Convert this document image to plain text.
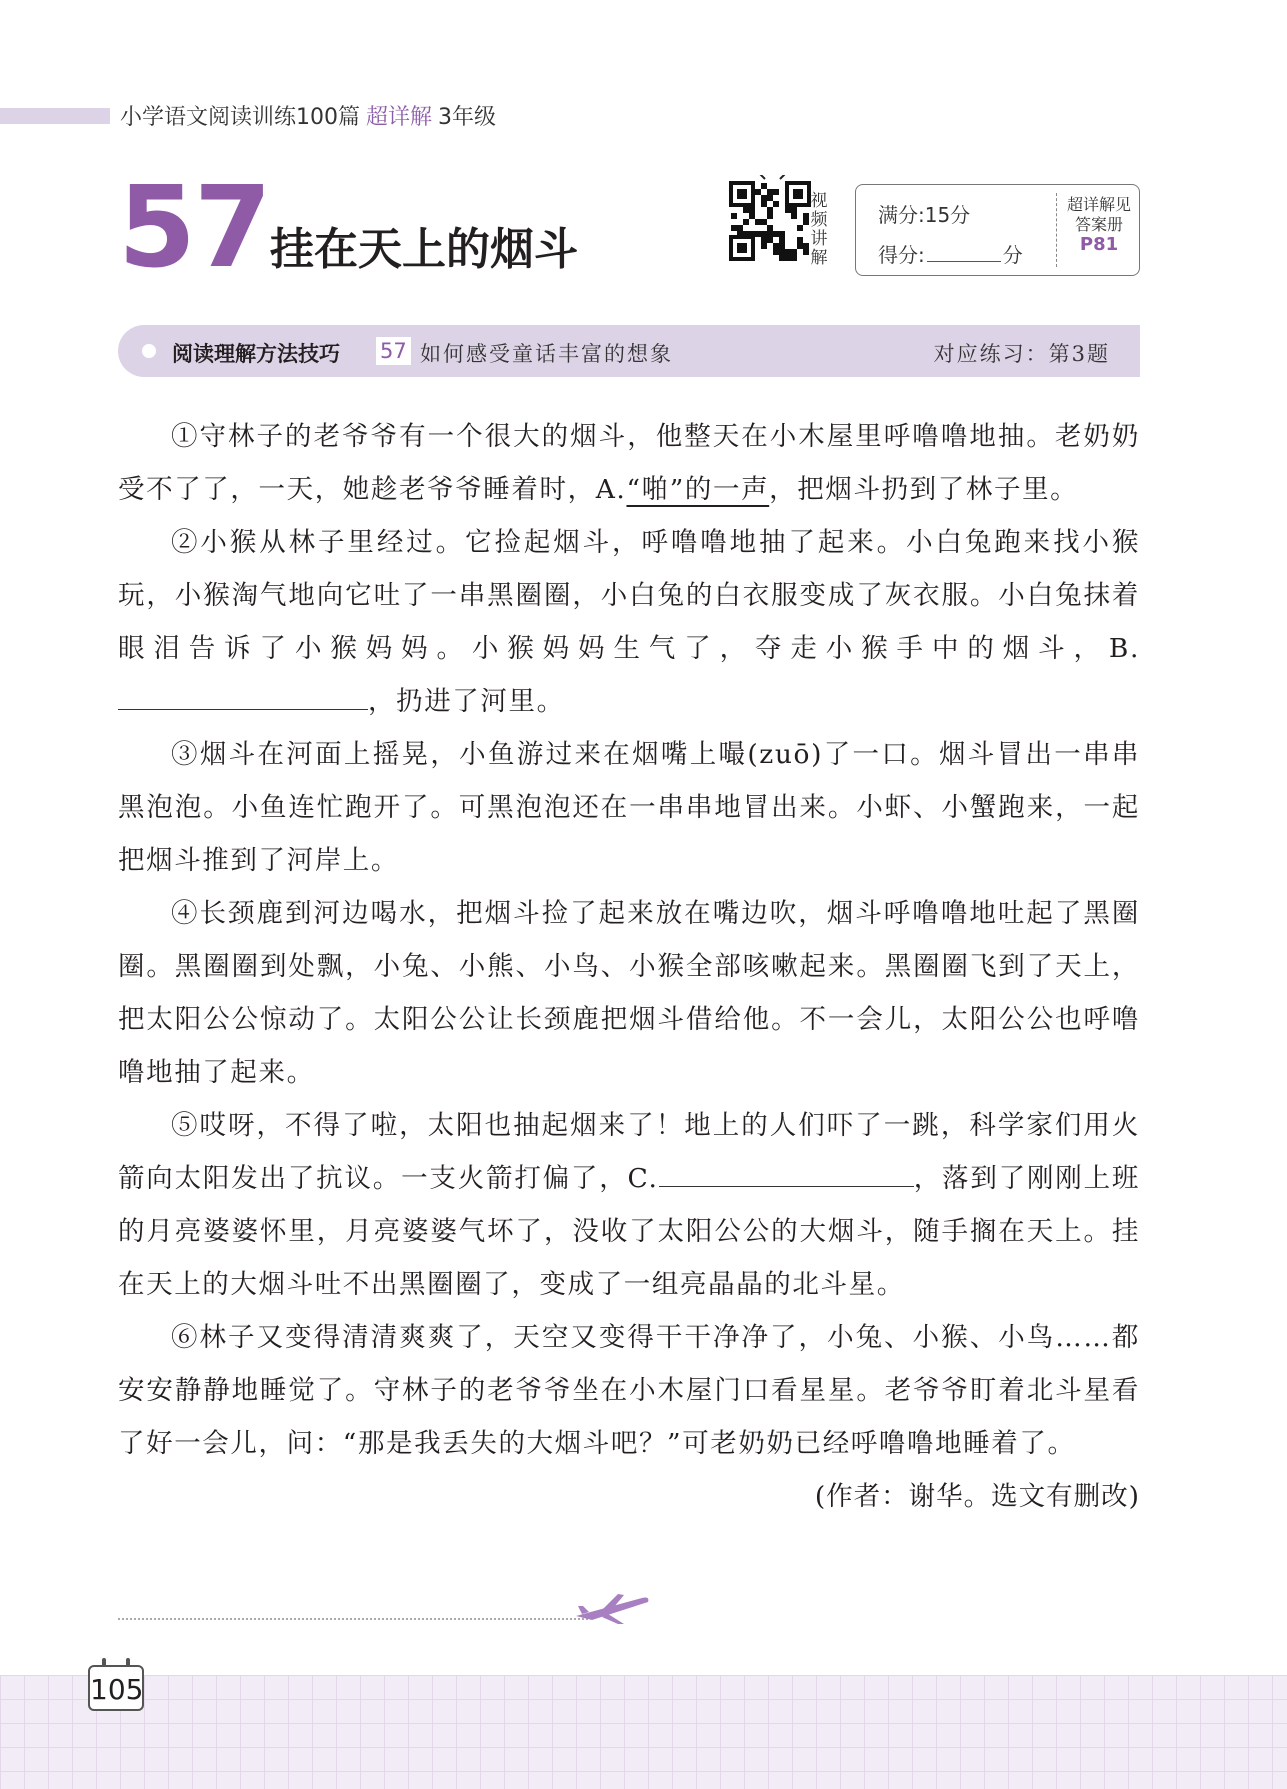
小学语文阅读训练100篇 超详解 3年级
57 挂在天上的烟斗
视
频
讲
解
满分:15分
得分:	分
超详解见
答案册
P81
阅读理解方法技巧 57 如何感受童话丰富的想象	对应练习：第3题

①守林子的老爷爷有一个很大的烟斗，他整天在小木屋里呼噜噜地抽。老奶奶受不了了，一天，她趁老爷爷睡着时，A.“啪”的一声，把烟斗扔到了林子里。

②小猴从林子里经过。它捡起烟斗，呼噜噜地抽了起来。小白兔跑来找小猴玩，小猴淘气地向它吐了一串黑圈圈，小白兔的白衣服变成了灰衣服。小白兔抹着眼泪告诉了小猴妈妈。小猴妈妈生气了，夺走小猴手中的烟斗，B.，扔进了河里。

③烟斗在河面上摇晃，小鱼游过来在烟嘴上嘬(zuō)了一口。烟斗冒出一串串黑泡泡。小鱼连忙跑开了。可黑泡泡还在一串串地冒出来。小虾、小蟹跑来，一起把烟斗推到了河岸上。

④长颈鹿到河边喝水，把烟斗捡了起来放在嘴边吹，烟斗呼噜噜地吐起了黑圈圈。黑圈圈到处飘，小兔、小熊、小鸟、小猴全部咳嗽起来。黑圈圈飞到了天上，把太阳公公惊动了。太阳公公让长颈鹿把烟斗借给他。不一会儿，太阳公公也呼噜噜地抽了起来。

⑤哎呀，不得了啦，太阳也抽起烟来了！地上的人们吓了一跳，科学家们用火箭向太阳发出了抗议。一支火箭打偏了，C.	，落到了刚刚上班的月亮婆婆怀里，月亮婆婆气坏了，没收了太阳公公的大烟斗，随手搁在天上。挂在天上的大烟斗吐不出黑圈圈了，变成了一组亮晶晶的北斗星。

⑥林子又变得清清爽爽了，天空又变得干干净净了，小兔、小猴、小鸟……都安安静静地睡觉了。守林子的老爷爷坐在小木屋门口看星星。老爷爷盯着北斗星看了好一会儿，问：“那是我丢失的大烟斗吧？”可老奶奶已经呼噜噜地睡着了。
(作者：谢华。选文有删改)

105
